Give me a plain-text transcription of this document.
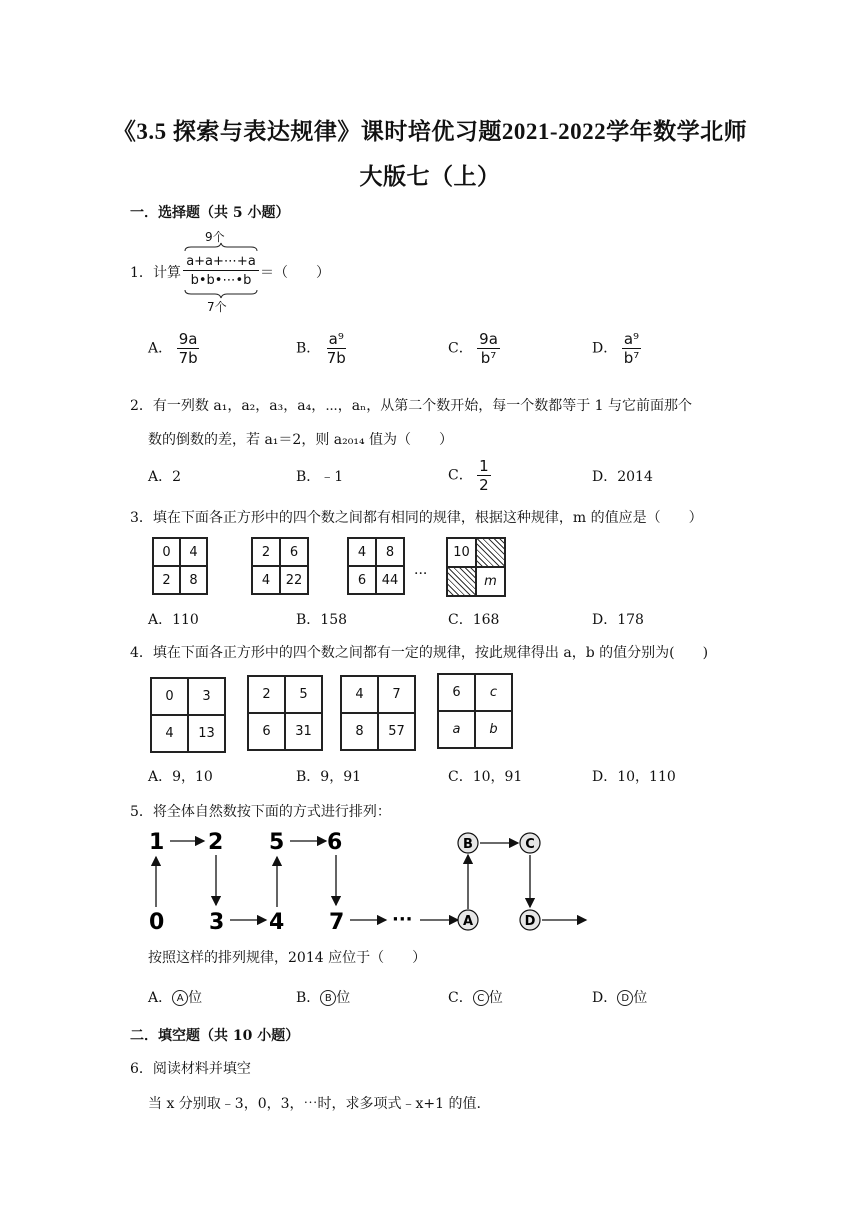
《3.5 探索与表达规律》课时培优习题2021-2022学年数学北师
大版七（上）
一．选择题（共 5 小题）
1． 计算
9个
a+a+⋯+a
b•b•⋯•b
7个
＝（　　）
A． $\frac{9a}{7b}$	B． $\frac{\text{a⁹}}{7b}$	C． $\frac{9a}{\text{b⁷}}$	D． $\frac{\text{a⁹}}{\text{b⁷}}$
2．有一列数 a₁，a₂，a₃，a₄，⋯，aₙ，从第二个数开始，每一个数都等于 1 与它前面那个
数的倒数的差，若 a₁＝2，则 a₂₀₁₄ 值为（　　）
A．2	B．﹣1	C． $\frac{1}{2}$	D．2014
3．填在下面各正方形中的四个数之间都有相同的规律，根据这种规律，m 的值应是（　　）
0	4
2	8
2	6
4	22
4	8
6	44	···
10
m
A．110	B．158	C．168	D．178
4．填在下面各正方形中的四个数之间都有一定的规律，按此规律得出 a，b 的值分别为(　　)
0	3
4	13
2	5
6	31
4	7
8	57
6	c
a	b
A．9，10	B．9，91	C．10，91	D．10，110
5．将全体自然数按下面的方式进行排列：
1 2 5 6
0 3 4 7	···
B	C
A	D
按照这样的排列规律，2014 应位于（　　）
A． A 位	B． B 位	C． C 位	D． D 位
二．填空题（共 10 小题）
6．阅读材料并填空
当 x 分别取﹣3，0，3，⋯时，求多项式﹣x+1 的值.
